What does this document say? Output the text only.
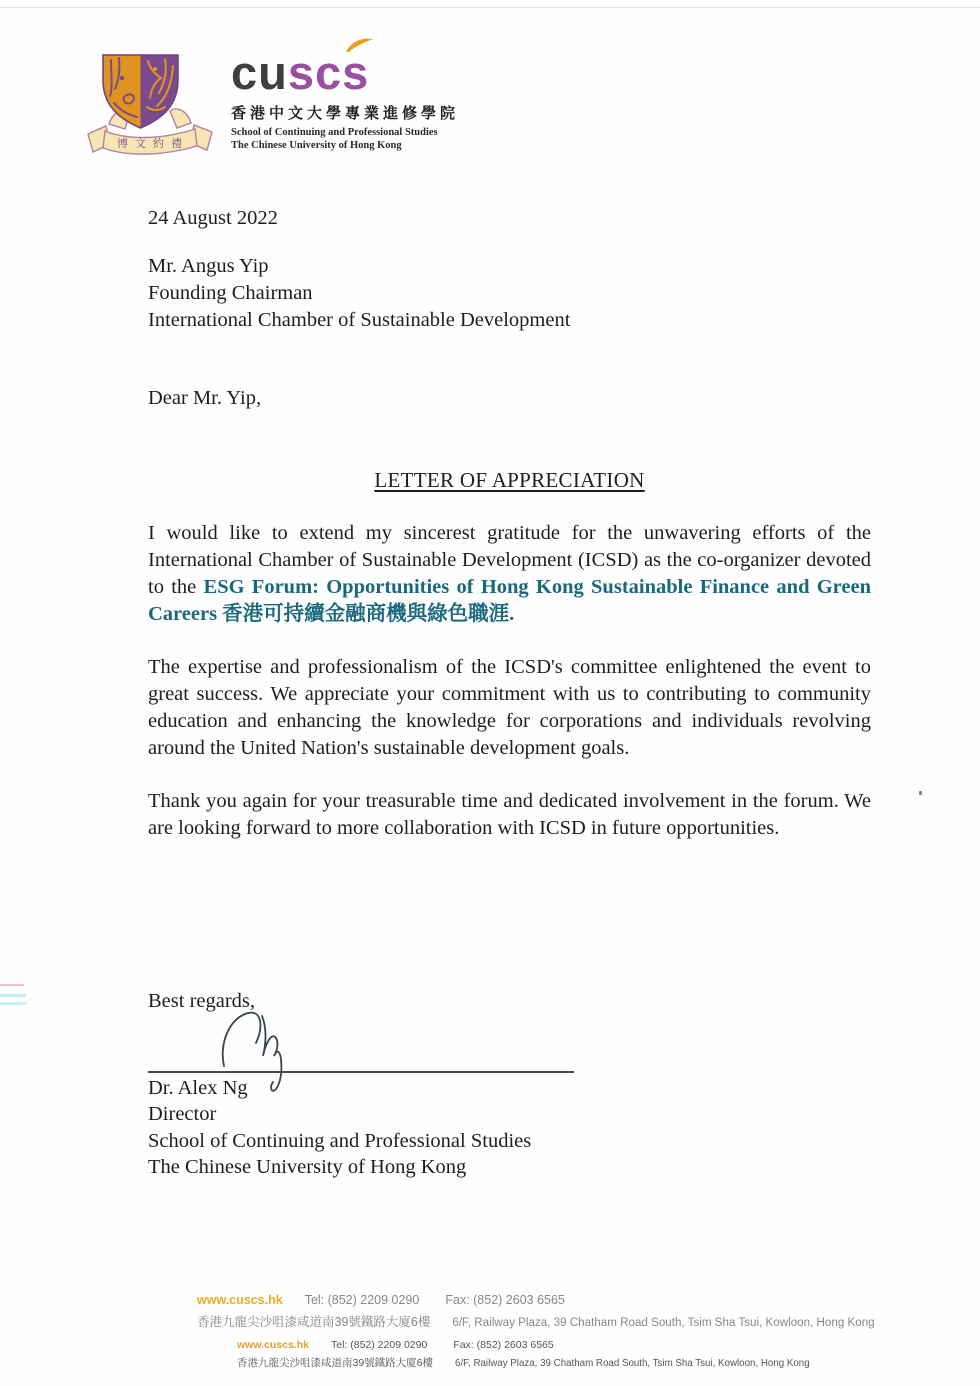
博文約禮
cuscs
香港中文大學專業進修學院
School of Continuing and Professional Studies
The Chinese University of Hong Kong

24 August 2022

Mr. Angus Yip

Founding Chairman

International Chamber of Sustainable Development

Dear Mr. Yip,

LETTER OF APPRECIATION

I would like to extend my sincerest gratitude for the unwavering efforts of the International Chamber of Sustainable Development (ICSD) as the co-organizer devoted to the ESG Forum: Opportunities of Hong Kong Sustainable Finance and Green Careers 香港可持續金融商機與綠色職涯.

The expertise and professionalism of the ICSD's committee enlightened the event to great success. We appreciate your commitment with us to contributing to community education and enhancing the knowledge for corporations and individuals revolving around the United Nation's sustainable development goals.

Thank you again for your treasurable time and dedicated involvement in the forum. We are looking forward to more collaboration with ICSD in future opportunities.

Best regards,

Dr. Alex Ng

Director

School of Continuing and Professional Studies

The Chinese University of Hong Kong

www.cuscs.hk Tel: (852) 2209 0290 Fax: (852) 2603 6565
香港九龍尖沙咀漆咸道南39號鐵路大廈6樓 6/F, Railway Plaza, 39 Chatham Road South, Tsim Sha Tsui, Kowloon, Hong Kong
www.cuscs.hk Tel: (852) 2209 0290 Fax: (852) 2603 6565
香港九龍尖沙咀漆咸道南39號鐵路大廈6樓 6/F, Railway Plaza, 39 Chatham Road South, Tsim Sha Tsui, Kowloon, Hong Kong
